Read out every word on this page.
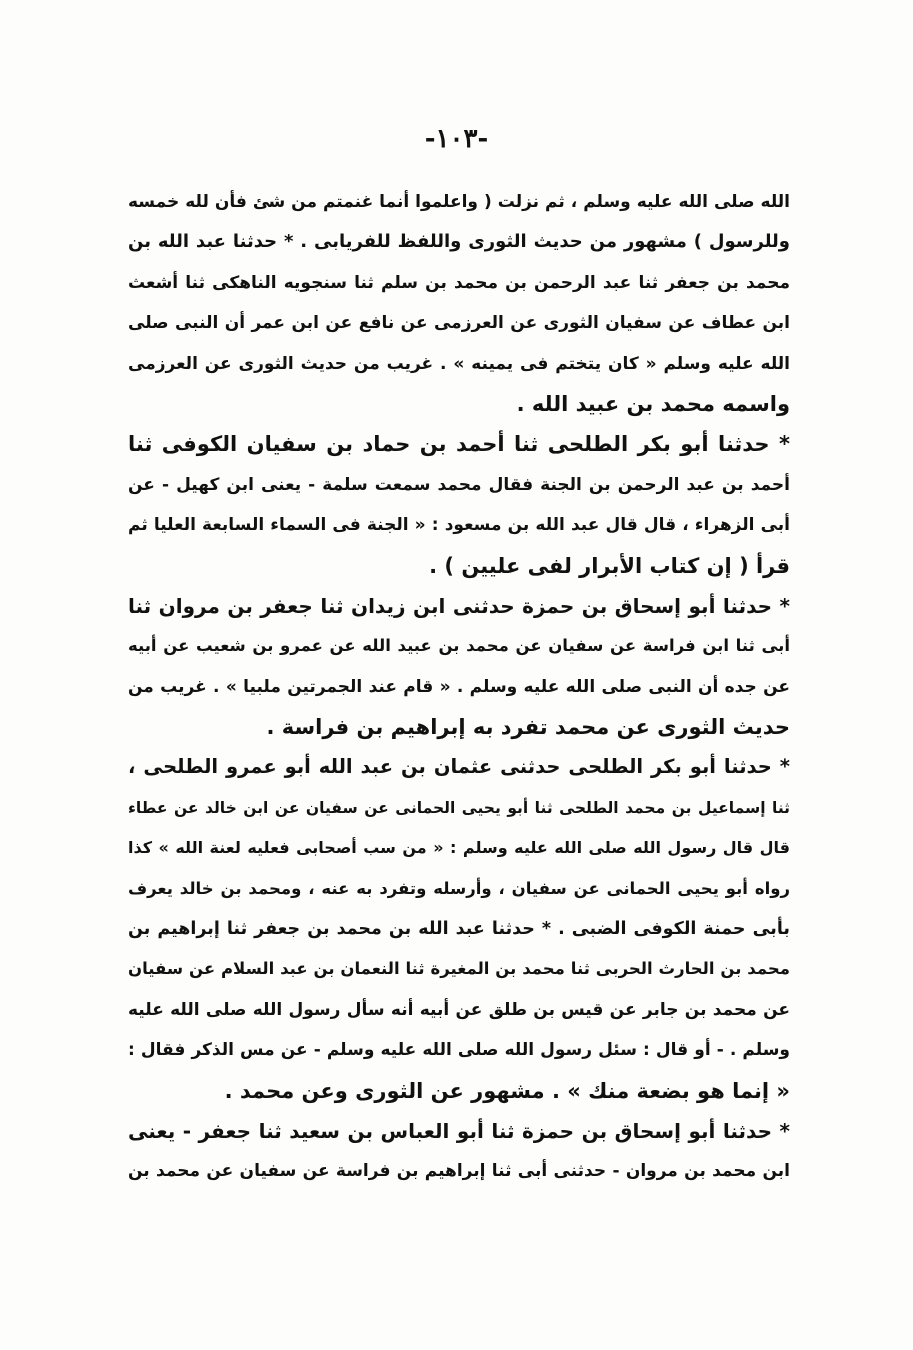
-١٠٣-
الله صلى الله عليه وسلم ، ثم نزلت ( واعلموا أنما غنمتم من شئ فأن لله خمسه
وللرسول ) مشهور من حديث الثورى واللفظ للفريابى . * حدثنا عبد الله بن
محمد بن جعفر ثنا عبد الرحمن بن محمد بن سلم ثنا سنجويه الناهكى ثنا أشعث
ابن عطاف عن سفيان الثورى عن العرزمى عن نافع عن ابن عمر أن النبى صلى
الله عليه وسلم « كان يتختم فى يمينه » . غريب من حديث الثورى عن العرزمى
واسمه محمد بن عبيد الله .
* حدثنا أبو بكر الطلحى ثنا أحمد بن حماد بن سفيان الكوفى ثنا
أحمد بن عبد الرحمن بن الجنة فقال محمد سمعت سلمة - يعنى ابن كهيل - عن
أبى الزهراء ، قال قال عبد الله بن مسعود : « الجنة فى السماء السابعة العليا ثم
قرأ ( إن كتاب الأبرار لفى عليين ) .
* حدثنا أبو إسحاق بن حمزة حدثنى ابن زيدان ثنا جعفر بن مروان ثنا
أبى ثنا ابن فراسة عن سفيان عن محمد بن عبيد الله عن عمرو بن شعيب عن أبيه
عن جده أن النبى صلى الله عليه وسلم . « قام عند الجمرتين ملبيا » . غريب من
حديث الثورى عن محمد تفرد به إبراهيم بن فراسة .
* حدثنا أبو بكر الطلحى حدثنى عثمان بن عبد الله أبو عمرو الطلحى ،
ثنا إسماعيل بن محمد الطلحى ثنا أبو يحيى الحمانى عن سفيان عن ابن خالد عن عطاء
قال قال رسول الله صلى الله عليه وسلم : « من سب أصحابى فعليه لعنة الله » كذا
رواه أبو يحيى الحمانى عن سفيان ، وأرسله وتفرد به عنه ، ومحمد بن خالد يعرف
بأبى حمنة الكوفى الضبى . * حدثنا عبد الله بن محمد بن جعفر ثنا إبراهيم بن
محمد بن الحارث الحربى ثنا محمد بن المغيرة ثنا النعمان بن عبد السلام عن سفيان
عن محمد بن جابر عن قيس بن طلق عن أبيه أنه سأل رسول الله صلى الله عليه
وسلم . - أو قال : سئل رسول الله صلى الله عليه وسلم - عن مس الذكر فقال :
« إنما هو بضعة منك » . مشهور عن الثورى وعن محمد .
* حدثنا أبو إسحاق بن حمزة ثنا أبو العباس بن سعيد ثنا جعفر - يعنى
ابن محمد بن مروان - حدثنى أبى ثنا إبراهيم بن فراسة عن سفيان عن محمد بن
